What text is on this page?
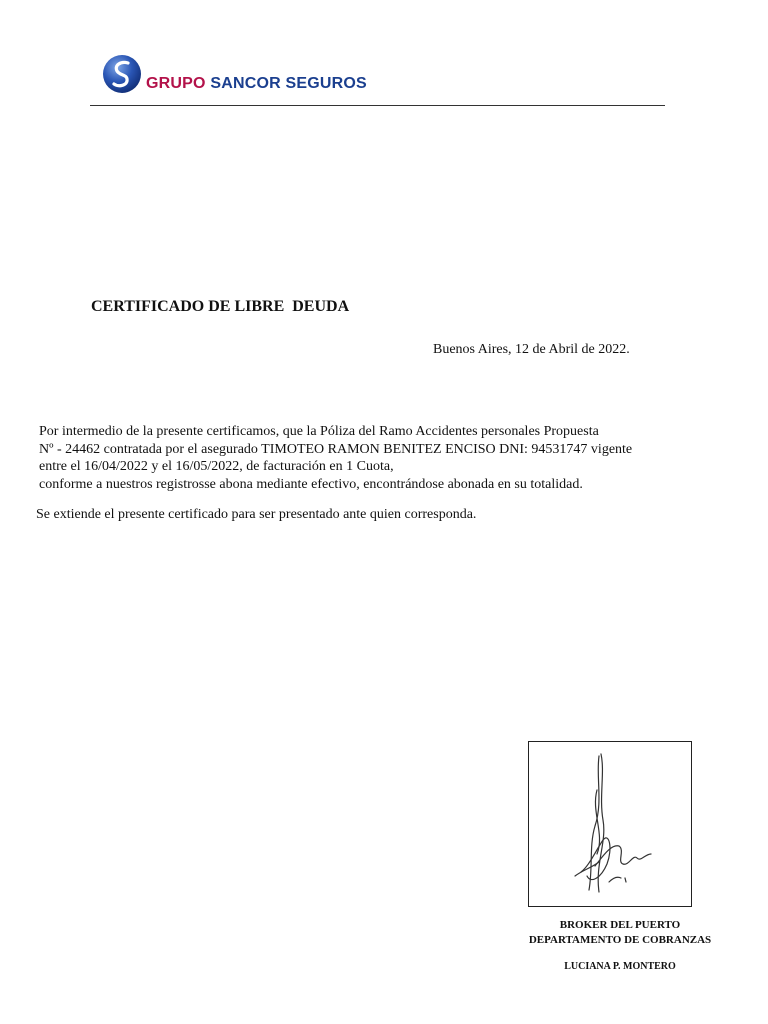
GRUPO SANCOR SEGUROS
CERTIFICADO DE LIBRE  DEUDA
Buenos Aires, 12 de Abril de 2022.
Por intermedio de la presente certificamos, que la Póliza del Ramo Accidentes personales Propuesta
Nº - 24462 contratada por el asegurado TIMOTEO RAMON BENITEZ ENCISO DNI: 94531747 vigente
entre el 16/04/2022 y el 16/05/2022, de facturación en 1 Cuota,
conforme a nuestros registrosse abona mediante efectivo, encontrándose abonada en su totalidad.
Se extiende el presente certificado para ser presentado ante quien corresponda.
BROKER DEL PUERTO
DEPARTAMENTO DE COBRANZAS
LUCIANA P. MONTERO
